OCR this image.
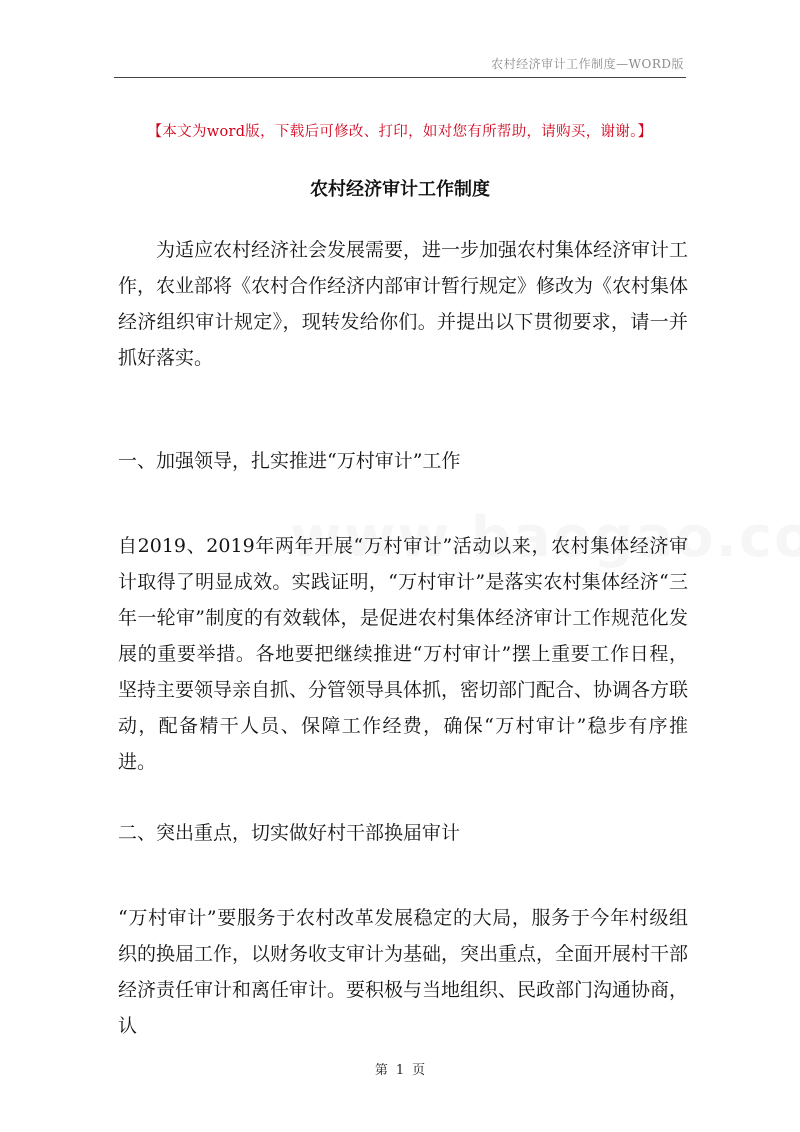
农村经济审计工作制度—WORD版
【本文为word版，下载后可修改、打印，如对您有所帮助，请购买，谢谢。】
农村经济审计工作制度
为适应农村经济社会发展需要，进一步加强农村集体经济审计工作，农业部将《农村合作经济内部审计暂行规定》修改为《农村集体经济组织审计规定》，现转发给你们。并提出以下贯彻要求，请一并抓好落实。
一、加强领导，扎实推进“万村审计”工作
自2019、2019年两年开展“万村审计”活动以来，农村集体经济审计取得了明显成效。实践证明，“万村审计”是落实农村集体经济“三年一轮审”制度的有效载体，是促进农村集体经济审计工作规范化发展的重要举措。各地要把继续推进“万村审计”摆上重要工作日程，坚持主要领导亲自抓、分管领导具体抓，密切部门配合、协调各方联动，配备精干人员、保障工作经费，确保“万村审计”稳步有序推进。
二、突出重点，切实做好村干部换届审计
“万村审计”要服务于农村改革发展稳定的大局，服务于今年村级组织的换届工作，以财务收支审计为基础，突出重点，全面开展村干部经济责任审计和离任审计。要积极与当地组织、民政部门沟通协商，认
第 1 页
